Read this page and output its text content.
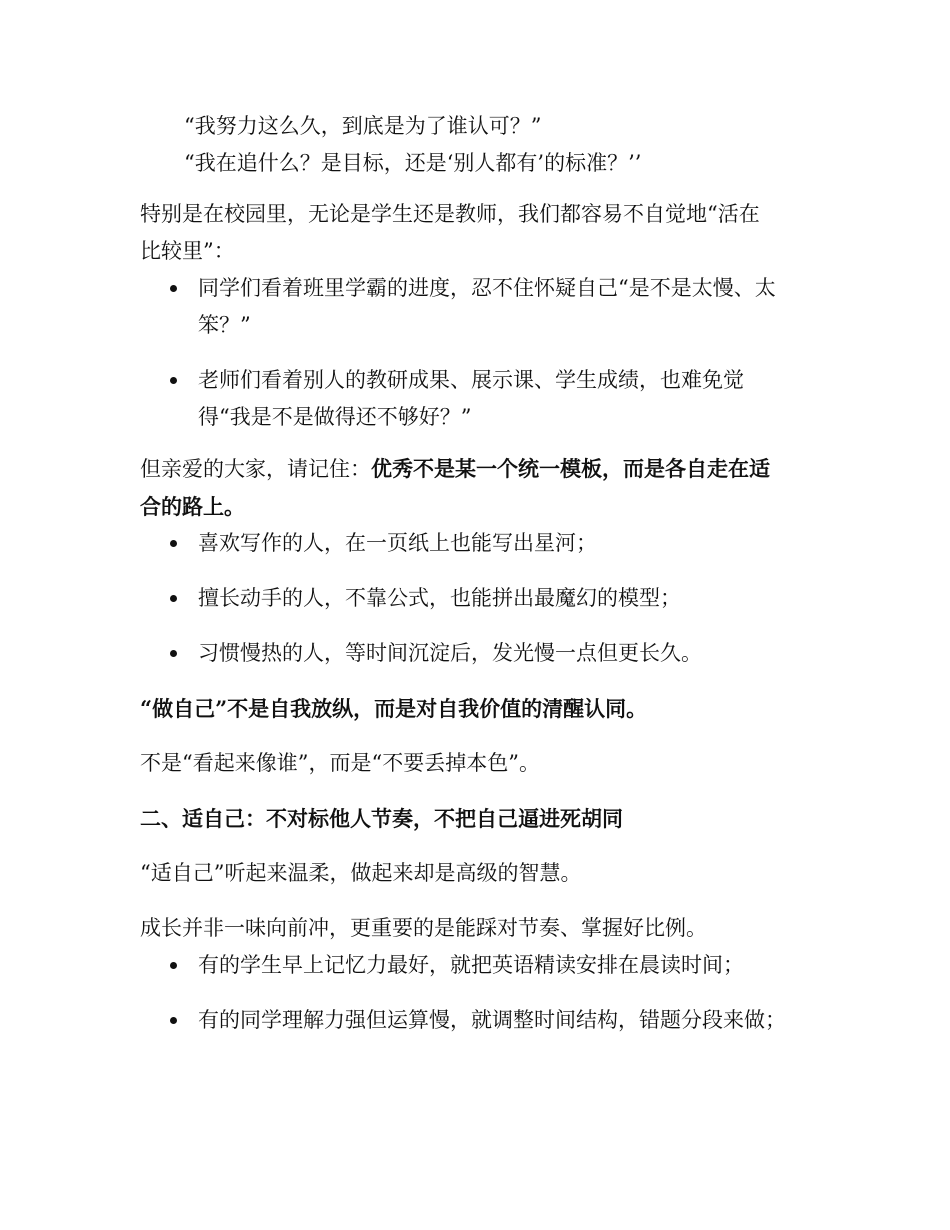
“我努力这么久，到底是为了谁认可？”

“我在追什么？是目标，还是‘别人都有’的标准？’’

特别是在校园里，无论是学生还是教师，我们都容易不自觉地“活在

比较里”：

同学们看着班里学霸的进度，忍不住怀疑自己“是不是太慢、太
笨？”
老师们看着别人的教研成果、展示课、学生成绩，也难免觉
得“我是不是做得还不够好？”

但亲爱的大家，请记住：优秀不是某一个统一模板，而是各自走在适

合的路上。

喜欢写作的人，在一页纸上也能写出星河；
擅长动手的人，不靠公式，也能拼出最魔幻的模型；
习惯慢热的人，等时间沉淀后，发光慢一点但更长久。

“做自己”不是自我放纵，而是对自我价值的清醒认同。

不是“看起来像谁”，而是“不要丢掉本色”。

二、适自己：不对标他人节奏，不把自己逼进死胡同

“适自己”听起来温柔，做起来却是高级的智慧。

成长并非一味向前冲，更重要的是能踩对节奏、掌握好比例。

有的学生早上记忆力最好，就把英语精读安排在晨读时间；
有的同学理解力强但运算慢，就调整时间结构，错题分段来做；
